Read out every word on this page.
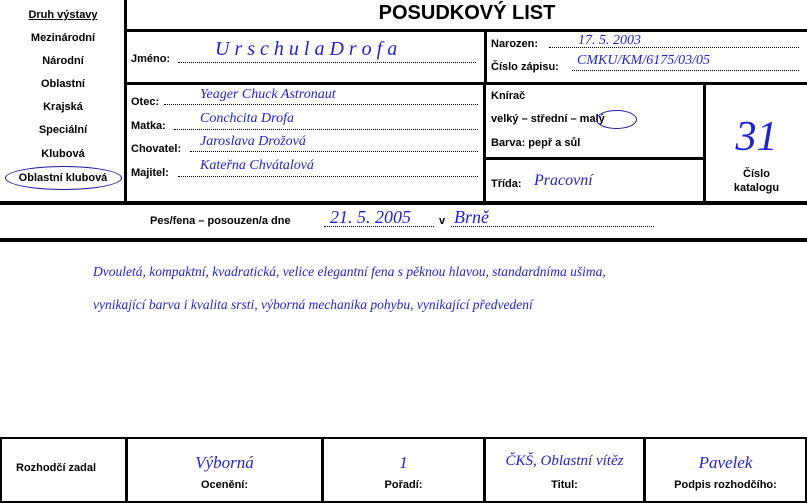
Druh výstavy
Mezinárodní
Národní
Oblastní
Krajská
Speciální
Klubová
Oblastní klubová
POSUDKOVÝ LIST
Jméno: U r s c h u l a D r o f a	Narozen:	17. 5. 2003
Číslo zápisu: CMKU/KM/6175/03/05
Otec:	Yeager Chuck Astronaut
Matka: Conchcita Drofa
Chovatel: Jaroslava Drožová
Majitel: Kateřna Chvátalová
Knírač
velký – střední – malý
Barva: pepř a sůl	31
Číslo
katalogu
Třída: Pracovní
Pes/fena – posouzen/a dne 21. 5. 2005	v Brně
Dvouletá, kompaktní, kvadratická, velice elegantní fena s pěknou hlavou, standardníma ušima,
vynikající barva i kvalita srsti, výborná mechanika pohybu, vynikající předvedení
Rozhodčí zadal	Výborná
Ocenění:
1
Pořadí:
ČKŠ, Oblastní vítěz
Titul:
Pavelek
Podpis rozhodčího:
